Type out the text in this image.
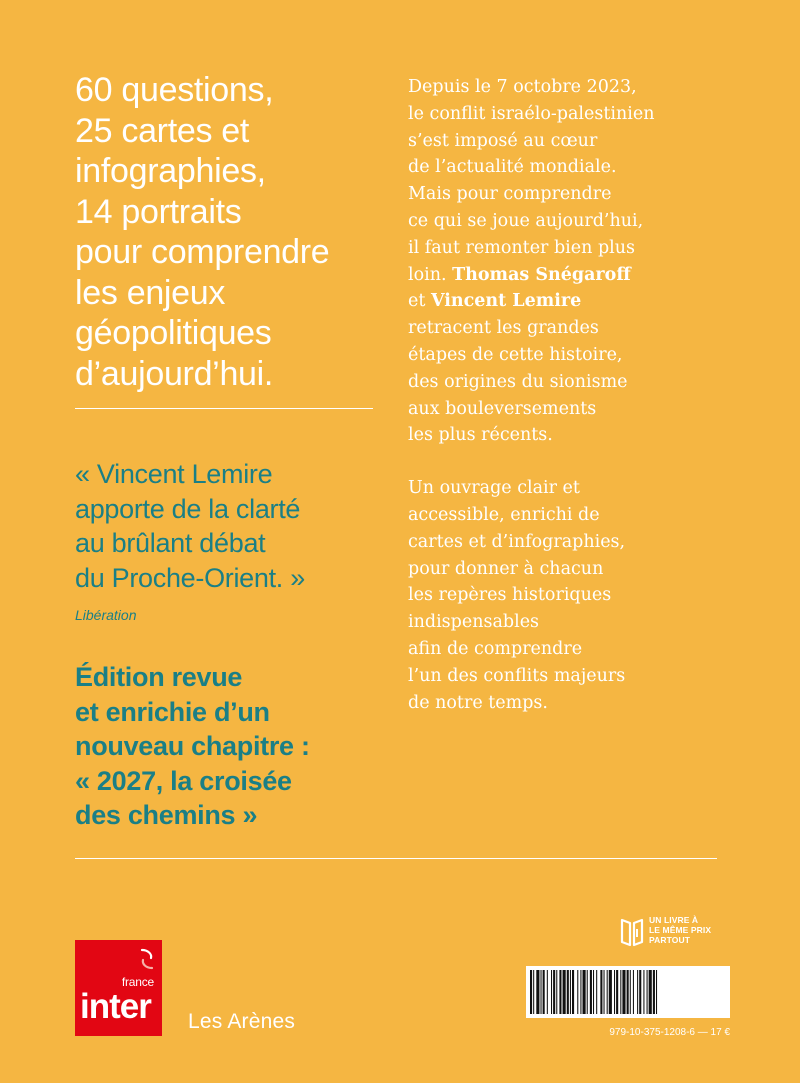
60 questions,
25 cartes et
infographies,
14 portraits
pour comprendre
les enjeux
géopolitiques
d’aujourd’hui.
« Vincent Lemire
apporte de la clarté
au brûlant débat
du Proche-Orient. »
Libération
Édition revue
et enrichie d’un
nouveau chapitre :
« 2027, la croisée
des chemins »
Depuis le 7 octobre 2023,
le conflit israélo-palestinien
s’est imposé au cœur
de l’actualité mondiale.
Mais pour comprendre
ce qui se joue aujourd’hui,
il faut remonter bien plus
loin. Thomas Snégaroff
et Vincent Lemire
retracent les grandes
étapes de cette histoire,
des origines du sionisme
aux bouleversements
les plus récents.
Un ouvrage clair et
accessible, enrichi de
cartes et d’infographies,
pour donner à chacun
les repères historiques
indispensables
afin de comprendre
l’un des conflits majeurs
de notre temps.
france
inter Les Arènes
UN LIVRE À
LE MÊME PRIX
PARTOUT
979-10-375-1208-6 — 17 €
